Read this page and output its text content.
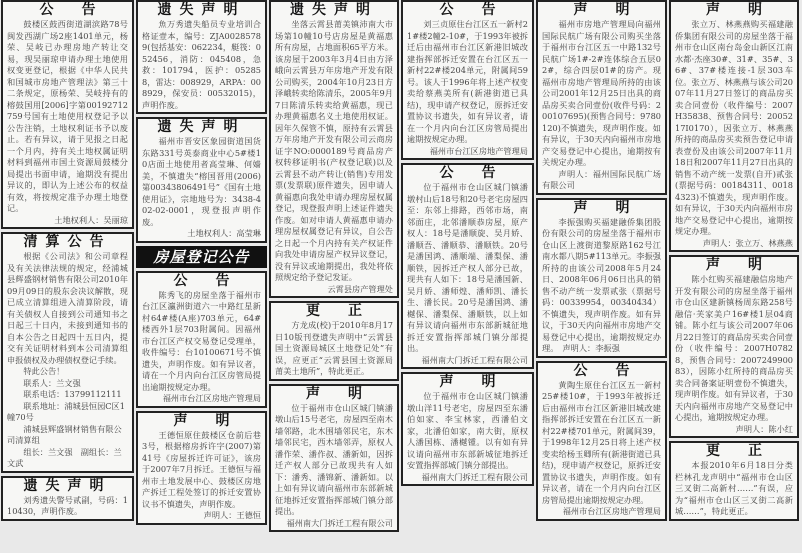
公告

鼓楼区鼓西街道湖滨路78号闽发西湖广场2座1401单元，杨荣、吴岐已办理房地产转让交易，现吴丽琼申请办理土地使用权变更登记，根据《中华人民共和国城市房地产管理法》第三十二条规定，原杨荣、吴岐持有的榕鼓国用[2006]字第00192712759号国有土地使用权登记予以公告注销，土地权利证书予以废止。若有异议，请于见报之日起一个月内，持有关土地权属证明材料到福州市国土资源局鼓楼分局提出书面申请，逾期没有提出异议的，即认为上述公布的权益有效，将按规定准予办理土地登记。

土地权利人：吴丽琼

清算公告

根据《公司法》和公司章程及有关法律法规的规定，经浦城县辉盛钢材销售有限公司2010年09月09日的股东会决议解散，现已成立清算组进入清算阶段，请有关债权人自接到公司通知书之日起三十日内，未接到通知书的自本公告之日起四十五日内，提交有关证明材料到本公司清算组申报债权及办理债权登记手续。

特此公告！

联系人：兰文强

联系电话：13799112111

联系地址：浦城县恒园C区1幢70号

浦城县辉盛钢材销售有限公司清算组

组长：兰文强　副组长：兰文武

遗失声明

刘秀遗失警号贰副，号码：110430，声明作废。

遗失声明

魚万秀遗失船员专业培训合格证壹本，编号：ZJA00285789(包括基安：062234，艇筏：052456，消防：045408，急救：101794，医护：052858，雷达：008929，ARPA：008929，保安员：00532015)，声明作废。

遗失声明

福州市晋安区象园街道国货东路331号英泰商业中心5#楼10店面土地使用者高莹琳、何嫱美，不慎遗失“榕国晋用(2006)第00343806491号”《国有土地使用证》，宗地地号为：3438-402-02-0001，现登报声明作废。

土地权利人：高莹琳

房屋登记公告
公告

陈秀飞的房屋坐落于福州市台江区瀛洲街道六一中路红星新村64#楼(A座)703单元，64#楼西外1层703附属间。因福州市台江区产权交易登记受理单，收件编号：台10100671号不慎遗失，声明作废。如有异议者，请在一个月内向台江区房管局提出逾期按规定办理。

福州市台江区房地产管理局

声明

王德恒原住鼓楼区仓前后巷3号，根据榕房拆许字(2007)第41号《房屋拆迁许可证》，该房于2007年7月拆迁。王德恒与福州市土地发展中心、鼓楼区房地产拆迁工程处签订的拆迁安置协议书不慎遗失，声明作废。

声明人：王德恒

遗失声明

坐落云霄县莆美镇沛南大市场第10幢10号店房屋是黄福惠所有房屋，占地面积65平方米。该房屋于2003年3月4日由方泽峨向云霄县万年房地产开发有限公司购买，2004年10月23日方泽峨转卖给陈清乐，2005年9月7日陈清乐转卖给黄福惠，现已办理黄福惠名义土地使用权证。因年久保管不慎，原持有云霄县万年房地产开发有限公司云商房证字NO:0000189号商品房产权转移证明书(产权登记联)以及云霄县不动产转让(销售)专用发票(发票联)原件遗失，因申请人黄福惠向我处申请办理房屋权属登记，现登报声明上述证件遗失作废。如对申请人黄福惠申请办理房屋权属登记有异议，自公告之日起一个月内持有关产权证件向我处申请房屋产权异议登记，没有异议或逾期提出，我处将依照规定给予登记发证。

云霄县房产管理处

更正

方龙成(校)于2010年8月17日10版刊登遗失声明中“云霄县国土资源局城区土地登记处”有误，应更正“云霄县国土资源局莆美土地所”，特此更正。

声明

位于福州市仓山区城门镇潘墩山后15号老宅，房屋四至南木墙邻路，北木围墙邻民宅，东木墙邻民宅，西木墙邻弄，原权人潘作荣、潘作叔、潘新如，因拆迁产权人部分已故现共有人如下：潘秀、潘锦新、潘新如。以上如有异议请向福州市东部新城征地拆迁安置指挥部城门镇分部提出。

福州南大门拆迁工程有限公司

公告

刘三贞原住台江区五一新村21#楼2幢2-10#，于1993年被拆迁后由福州市台江区新港旧城改建指挥部拆迁安置在台江区五一新村22#楼204单元，附属间59号。该人于1996年将上述产权变卖给蔡燕美所有(新港街道已具结)，现申请产权登记，原拆迁安置协议书遗失，如有异议者，请在一个月内向台江区房管局提出逾期按规定办理。

福州市台江区房地产管理局

公告

位于福州市仓山区城门镇潘墩村山后18号和20号老宅房屋四至：东邻上排路，西邻市场，南邻面庄，北邻潘顺恭房屋，原产权人：18号是潘顺旋、吴月娇、潘顺吾、潘顺恭、潘顺铁。20号是潘国鸿、潘顺端、潘梨保、潘顺铁，因拆迁产权人部分已故，现共有人如下：18号是潘国新、吴月娇、潘师煌、潘师凯、潘长生、潘长民。20号是潘国鸿、潘樾保、潘梨保、潘顺铁，以上如有异议请向福州市东部新城征地拆迁安置指挥部城门镇分部提出。

福州南大门拆迁工程有限公司

声明

位于福州市仓山区城门镇潘墩山洋11号老宅，房屋四至东潘伯如家、李宝林家，西潘伯文家，北潘伯如家，南大街，原权人潘国栋、潘樾锺。以有如有异议请向福州市东部新城征地拆迁安置指挥部城门镇分部提出。

福州南大门拆迁工程有限公司

声明

福州市房地产管理局向福州国际民航广场有限公司购买坐落于福州市台江区五一中路132号民航广场1#-2#连体综合五层02#，综合四层01#的房产。现福州市房地产管理局所持的由该公司2001年12月25日出具的商品房买卖合同壹份(收件号码：200107695)(预售合同号：9780120)不慎遗失，现声明作废。如有异议，于30天内向福州市房地产交易登记中心提出，逾期按有关规定办理。

声明人：福州国际民航广场有限公司

声明

李振强购买福建融侨集团股份有限公司的房屋坐落于福州市仓山区上渡街道黎原路162号江南水都八期5#113单元。李振强所持的由该公司2008年5月24日、2008年06月06日出具的销售不动产统一发票贰张（票据号码：00339954，00340434）不慎遗失，现声明作废。如有异议，于30天内向福州市房地产交易登记中心提出，逾期按规定办理。　声明人：李振强

公告

黄陶生原住台江区五一新村25#楼10#，于1993年被拆迁后由福州市台江区新港旧城改建指挥部拆迁安置在台江区五一新村22#楼701单元，附属间39，于1998年12月25日将上述产权变卖给杨玉卿所有(新港街道已具结)，现申请产权登记，原拆迁安置协议书遗失，声明作废。如有异议者，请在一个月内向台江区房管局提出逾期按规定办理。

福州市台江区房地产管理局

声明

张立万、林燕燕购买福建融侨集团有限公司的房屋坐落于福州市仓山区南台岛金山新区江南水都·杰座30#、31#、35#、36#、37#楼连接-1层303车位。张立万、林燕燕与该公司2007年11月27日签订的商品房买卖合同壹份（收件编号：2007H35838、预售合同号：2005217I0170），因张立万、林燕燕所持的商品房买卖预告登记申请表壹份及由该公司2007年11月18日和2007年11月27日出具的销售不动产统一发票(自开)贰张(票据号码：00184311、00184323)不慎遗失，现声明作废。如有异议，于30天内向福州市房地产交易登记中心提出，逾期按规定办理。

声明人：张立万、林燕燕

声明

陈小红购买福建融信房地产开发有限公司的房屋坐落于福州市仓山区建新镇杨周东路258号融信·芙家美户16#楼1层04商铺。陈小红与该公司2007年06月22日签订的商品房买卖合同壹份（收件编号：2007H07828，预售合同号：200724990083），因陈小红所持的商品房买卖合同备案证明壹份不慎遗失，现声明作废。如有异议者，于30天内向福州市房地产交易登记中心提出，逾期按规定办理。

声明人：陈小红

更正

本报2010年6月18日分类栏林孔龙声明中“福州市仓山区三叉街二高新村……”有误，应为“福州市仓山区三叉街二高新城……”，特此更正。
